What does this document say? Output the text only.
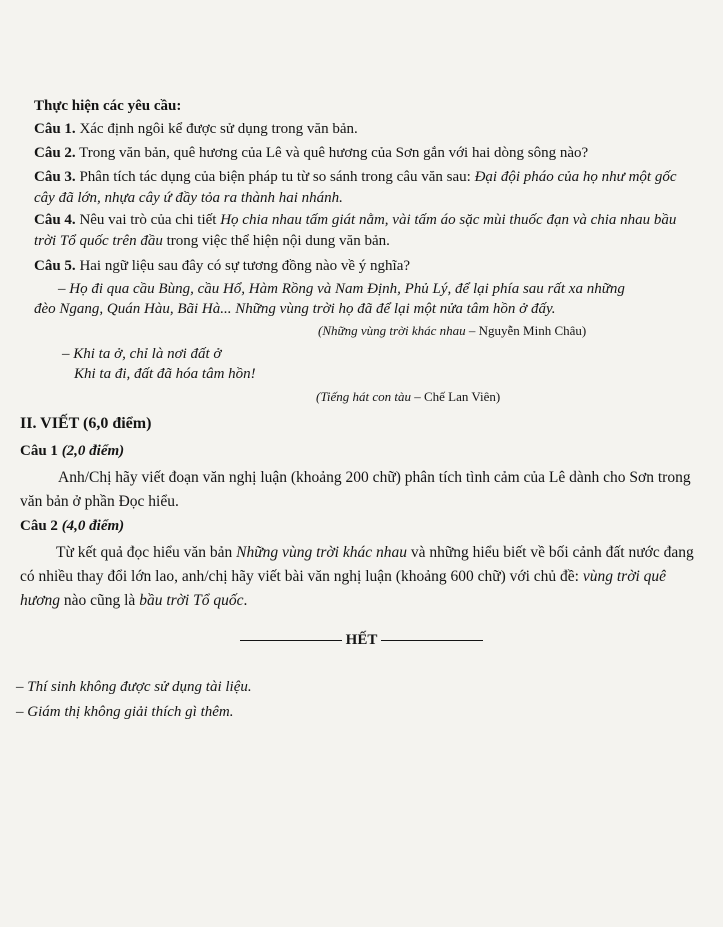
Thực hiện các yêu cầu:
Câu 1. Xác định ngôi kể được sử dụng trong văn bản.
Câu 2. Trong văn bản, quê hương của Lê và quê hương của Sơn gắn với hai dòng sông nào?
Câu 3. Phân tích tác dụng của biện pháp tu từ so sánh trong câu văn sau: Đại đội pháo của họ như một gốc cây đã lớn, nhựa cây ứ đầy tỏa ra thành hai nhánh.
Câu 4. Nêu vai trò của chi tiết Họ chia nhau tấm giát nằm, vài tấm áo sặc mùi thuốc đạn và chia nhau bầu trời Tổ quốc trên đầu trong việc thể hiện nội dung văn bản.
Câu 5. Hai ngữ liệu sau đây có sự tương đồng nào về ý nghĩa?
– Họ đi qua cầu Bùng, cầu Hổ, Hàm Rồng và Nam Định, Phủ Lý, để lại phía sau rất xa những
đèo Ngang, Quán Hàu, Bãi Hà... Những vùng trời họ đã để lại một nửa tâm hồn ở đấy.
(Những vùng trời khác nhau – Nguyễn Minh Châu)
– Khi ta ở, chỉ là nơi đất ở
Khi ta đi, đất đã hóa tâm hồn!
(Tiếng hát con tàu – Chế Lan Viên)
II. VIẾT (6,0 điểm)
Câu 1 (2,0 điểm)
Anh/Chị hãy viết đoạn văn nghị luận (khoảng 200 chữ) phân tích tình cảm của Lê dành cho Sơn trong văn bản ở phần Đọc hiểu.
Câu 2 (4,0 điểm)
Từ kết quả đọc hiểu văn bản Những vùng trời khác nhau và những hiểu biết về bối cảnh đất nước đang có nhiều thay đổi lớn lao, anh/chị hãy viết bài văn nghị luận (khoảng 600 chữ) với chủ đề: vùng trời quê hương nào cũng là bầu trời Tổ quốc.
HẾT
– Thí sinh không được sử dụng tài liệu.
– Giám thị không giải thích gì thêm.
